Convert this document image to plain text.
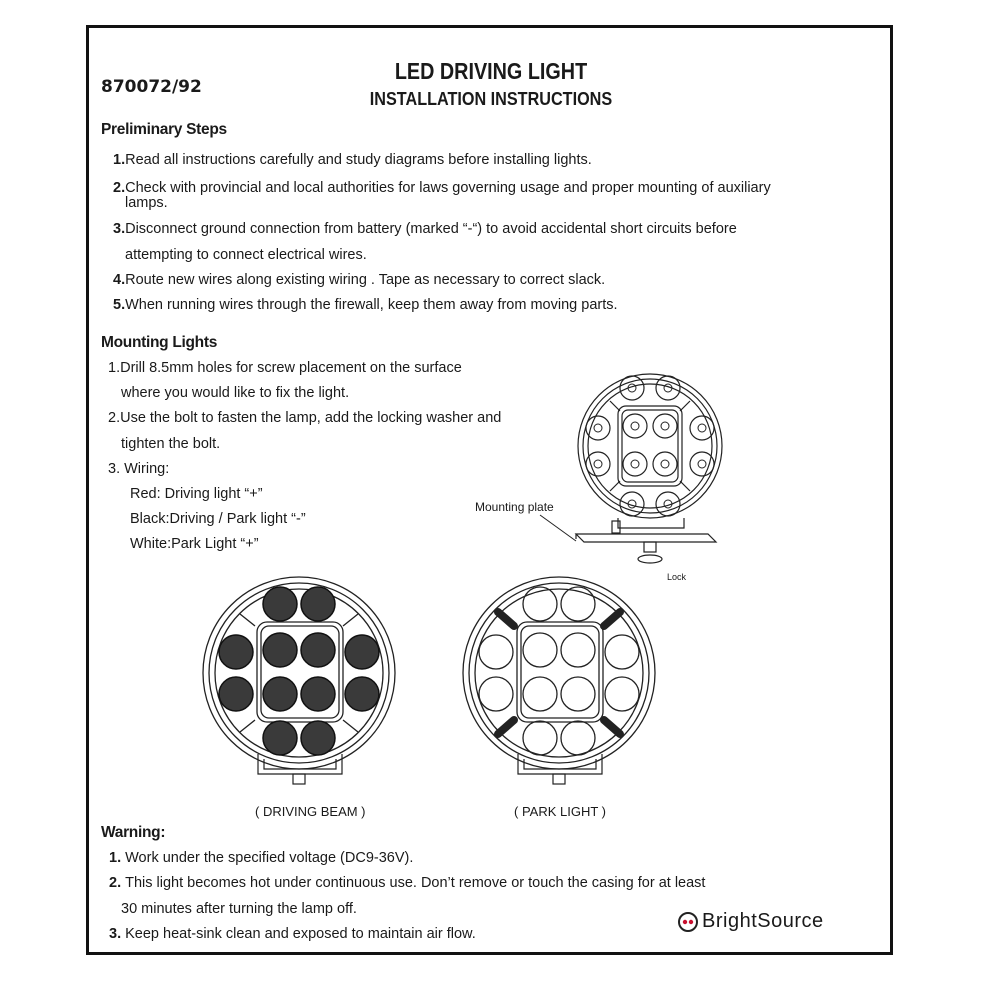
870072/92
LED DRIVING LIGHT
INSTALLATION INSTRUCTIONS
Preliminary Steps
1.Read all instructions carefully and study diagrams before installing lights.
2.Check with provincial and local authorities for laws governing usage and proper mounting of auxiliary
lamps.
3.Disconnect ground connection from battery (marked “-“) to avoid accidental short circuits before
attempting to connect electrical wires.
4.Route new wires along existing wiring . Tape as necessary to correct slack.
5.When running wires through the firewall, keep them away from moving parts.
Mounting Lights
1.Drill 8.5mm holes for screw placement on the surface
where you would like to fix the light.
2.Use the bolt to fasten the lamp, add the locking washer and
tighten the bolt.
3. Wiring:
Red: Driving light “+”
Black:Driving / Park light “-”
White:Park Light “+”
Mounting plate
Lock
( DRIVING BEAM )	( PARK LIGHT )
Warning:
1. Work under the specified voltage (DC9-36V).
2. This light becomes hot under continuous use. Don’t remove or touch the casing for at least
30 minutes after turning the lamp off.
3. Keep heat-sink clean and exposed to maintain air flow.
BrightSource
